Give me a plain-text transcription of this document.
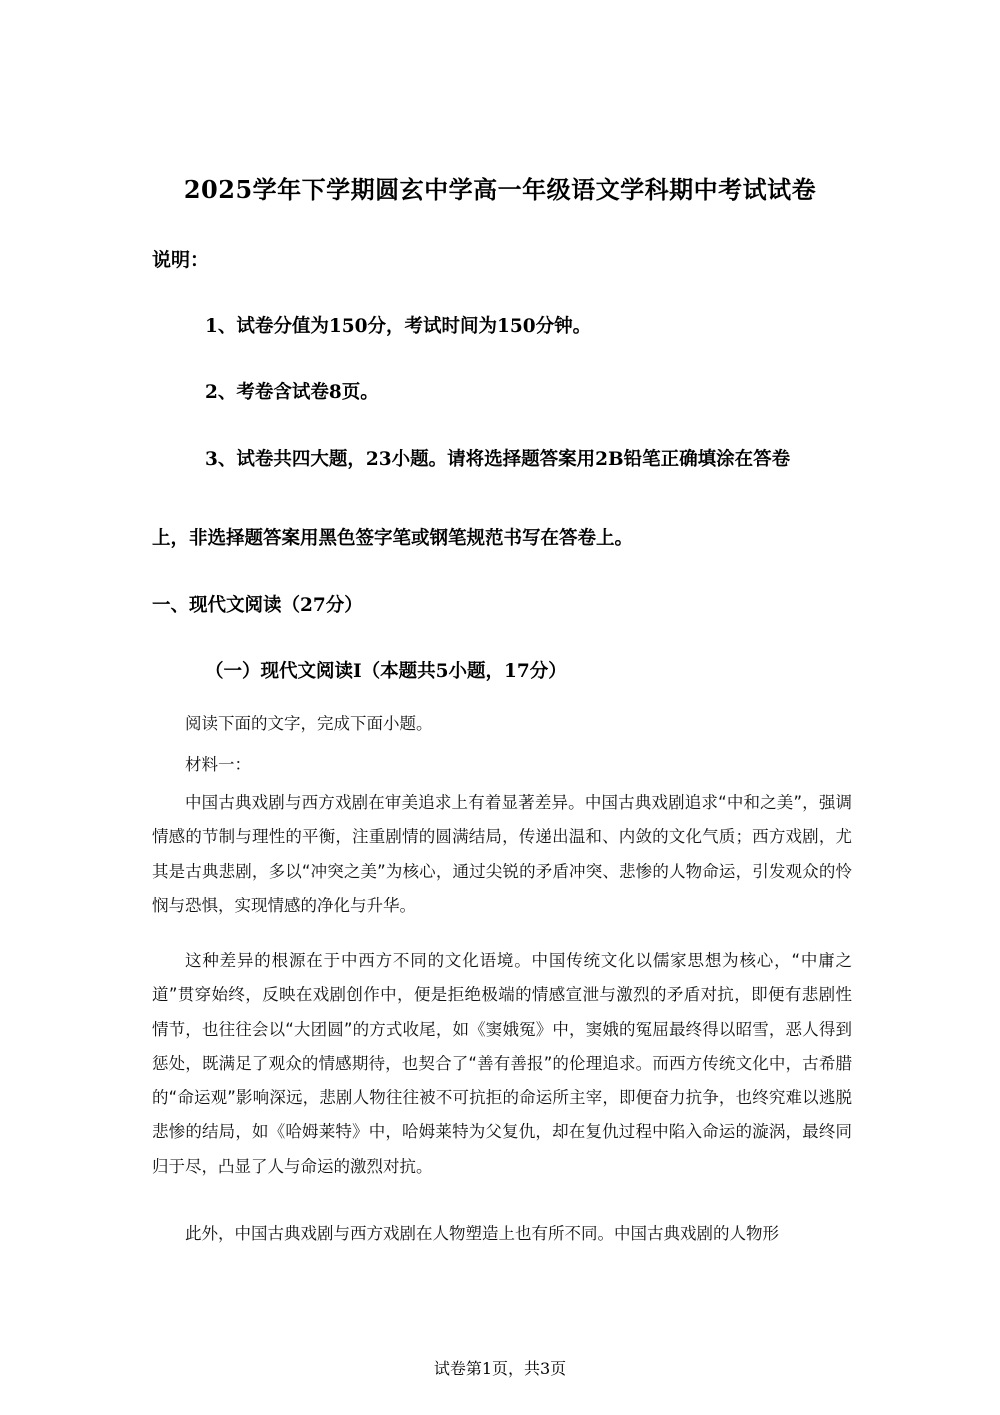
2025学年下学期圆玄中学高一年级语文学科期中考试试卷
说明：
1、试卷分值为150分，考试时间为150分钟。
2、考卷含试卷8页。
3、试卷共四大题，23小题。请将选择题答案用2B铅笔正确填涂在答卷
上，非选择题答案用黑色签字笔或钢笔规范书写在答卷上。
一、现代文阅读（27分）
（一）现代文阅读Ⅰ（本题共5小题，17分）

阅读下面的文字，完成下面小题。

材料一：

中国古典戏剧与西方戏剧在审美追求上有着显著差异。中国古典戏剧追求“中和之美”，强调情感的节制与理性的平衡，注重剧情的圆满结局，传递出温和、内敛的文化气质；西方戏剧，尤其是古典悲剧，多以“冲突之美”为核心，通过尖锐的矛盾冲突、悲惨的人物命运，引发观众的怜悯与恐惧，实现情感的净化与升华。

这种差异的根源在于中西方不同的文化语境。中国传统文化以儒家思想为核心，“中庸之道”贯穿始终，反映在戏剧创作中，便是拒绝极端的情感宣泄与激烈的矛盾对抗，即便有悲剧性情节，也往往会以“大团圆”的方式收尾，如《窦娥冤》中，窦娥的冤屈最终得以昭雪，恶人得到惩处，既满足了观众的情感期待，也契合了“善有善报”的伦理追求。而西方传统文化中，古希腊的“命运观”影响深远，悲剧人物往往被不可抗拒的命运所主宰，即便奋力抗争，也终究难以逃脱悲惨的结局，如《哈姆莱特》中，哈姆莱特为父复仇，却在复仇过程中陷入命运的漩涡，最终同归于尽，凸显了人与命运的激烈对抗。

此外，中国古典戏剧与西方戏剧在人物塑造上也有所不同。中国古典戏剧的人物形

试卷第1页，共3页
